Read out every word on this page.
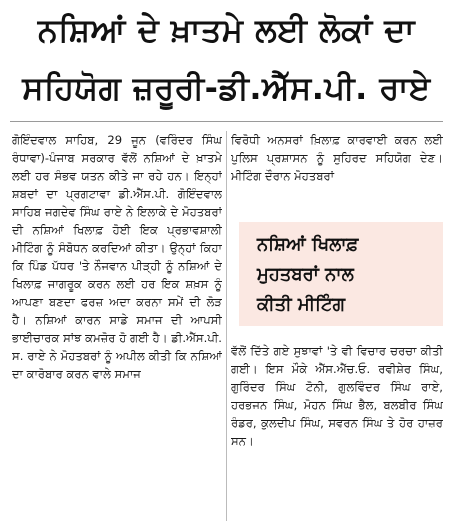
ਨਸ਼ਿਆਂ ਦੇ ਖ਼ਾਤਮੇ ਲਈ ਲੋਕਾਂ ਦਾ
ਸਹਿਯੋਗ ਜ਼ਰੂਰੀ-ਡੀ.ਐੱਸ.ਪੀ. ਰਾਏ
ਗੋਇੰਦਵਾਲ ਸਾਹਿਬ, 29 ਜੂਨ (ਵਰਿੰਦਰ ਸਿੰਘ ਰੰਧਾਵਾ)-ਪੰਜਾਬ ਸਰਕਾਰ ਵੱਲੋਂ ਨਸ਼ਿਆਂ ਦੇ ਖ਼ਾਤਮੇ ਲਈ ਹਰ ਸੰਭਵ ਯਤਨ ਕੀਤੇ ਜਾ ਰਹੇ ਹਨ। ਇਨ੍ਹਾਂ ਸ਼ਬਦਾਂ ਦਾ ਪ੍ਰਗਟਾਵਾ ਡੀ.ਐੱਸ.ਪੀ. ਗੋਇੰਦਵਾਲ ਸਾਹਿਬ ਜਗਦੇਵ ਸਿੰਘ ਰਾਏ ਨੇ ਇਲਾਕੇ ਦੇ ਮੋਹਤਬਰਾਂ ਦੀ ਨਸ਼ਿਆਂ ਖਿਲਾਫ਼ ਹੋਈ ਇਕ ਪ੍ਰਭਾਵਸ਼ਾਲੀ ਮੀਟਿੰਗ ਨੂੰ ਸੰਬੋਧਨ ਕਰਦਿਆਂ ਕੀਤਾ। ਉਨ੍ਹਾਂ ਕਿਹਾ ਕਿ ਪਿੰਡ ਪੱਧਰ 'ਤੇ ਨੌਜਵਾਨ ਪੀੜ੍ਹੀ ਨੂੰ ਨਸ਼ਿਆਂ ਦੇ ਖਿਲਾਫ਼ ਜਾਗਰੂਕ ਕਰਨ ਲਈ ਹਰ ਇਕ ਸ਼ਖ਼ਸ ਨੂੰ ਆਪਣਾ ਬਣਦਾ ਫਰਜ਼ ਅਦਾ ਕਰਨਾ ਸਮੇਂ ਦੀ ਲੋੜ ਹੈ। ਨਸ਼ਿਆਂ ਕਾਰਨ ਸਾਡੇ ਸਮਾਜ ਦੀ ਆਪਸੀ ਭਾਈਚਾਰਕ ਸਾਂਝ ਕਮਜ਼ੋਰ ਹੋ ਗਈ ਹੈ। ਡੀ.ਐੱਸ.ਪੀ. ਸ. ਰਾਏ ਨੇ ਮੋਹਤਬਰਾਂ ਨੂੰ ਅਪੀਲ ਕੀਤੀ ਕਿ ਨਸ਼ਿਆਂ ਦਾ ਕਾਰੋਬਾਰ ਕਰਨ ਵਾਲੇ ਸਮਾਜ
ਵਿਰੋਧੀ ਅਨਸਰਾਂ ਖ਼ਿਲਾਫ਼ ਕਾਰਵਾਈ ਕਰਨ ਲਈ ਪੁਲਿਸ ਪ੍ਰਸ਼ਾਸਨ ਨੂੰ ਸੁਹਿਰਦ ਸਹਿਯੋਗ ਦੇਣ। ਮੀਟਿੰਗ ਦੌਰਾਨ ਮੋਹਤਬਰਾਂ
ਨਸ਼ਿਆਂ ਖਿਲਾਫ਼
ਮੁਹਤਬਰਾਂ ਨਾਲ
ਕੀਤੀ ਮੀਟਿੰਗ
ਵੱਲੋਂ ਦਿੱਤੇ ਗਏ ਸੁਝਾਵਾਂ 'ਤੇ ਵੀ ਵਿਚਾਰ ਚਰਚਾ ਕੀਤੀ ਗਈ। ਇਸ ਮੌਕੇ ਐੱਸ.ਐੱਚ.ਓ. ਰਵੀਸ਼ੇਰ ਸਿੰਘ, ਗੁਰਿੰਦਰ ਸਿੰਘ ਟੋਨੀ, ਗੁਲਵਿੰਦਰ ਸਿੰਘ ਰਾਏ, ਹਰਭਜਨ ਸਿੰਘ, ਮੋਹਨ ਸਿੰਘ ਭੈਲ, ਬਲਬੀਰ ਸਿੰਘ ਰੰਡਰ, ਕੁਲਦੀਪ ਸਿੰਘ, ਸਵਰਨ ਸਿੰਘ ਤੇ ਹੋਰ ਹਾਜ਼ਰ ਸਨ।
